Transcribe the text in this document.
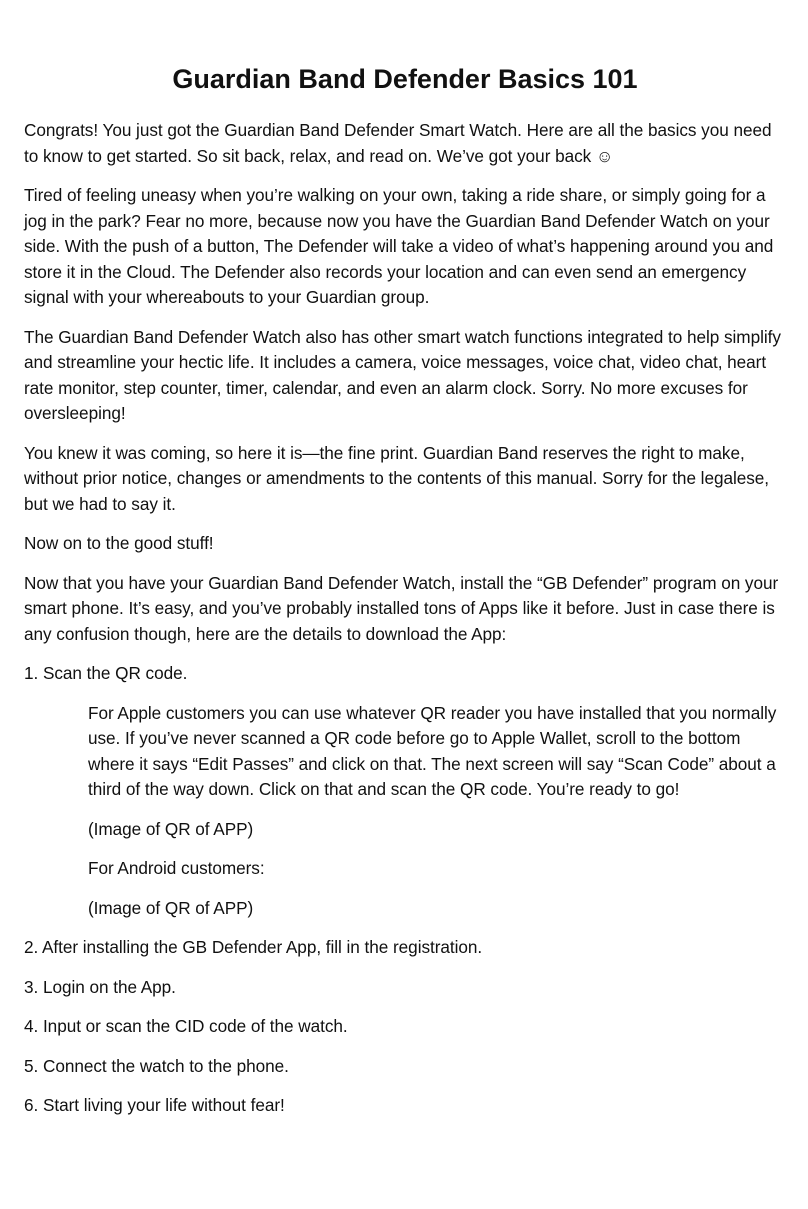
Guardian Band Defender Basics 101

Congrats! You just got the Guardian Band Defender Smart Watch. Here are all the basics you need to know to get started. So sit back, relax, and read on. We’ve got your back ☺

Tired of feeling uneasy when you’re walking on your own, taking a ride share, or simply going for a jog in the park? Fear no more, because now you have the Guardian Band Defender Watch on your side. With the push of a button, The Defender will take a video of what’s happening around you and store it in the Cloud. The Defender also records your location and can even send an emergency signal with your whereabouts to your Guardian group.

The Guardian Band Defender Watch also has other smart watch functions integrated to help simplify and streamline your hectic life. It includes a camera, voice messages, voice chat, video chat, heart rate monitor, step counter, timer, calendar, and even an alarm clock. Sorry. No more excuses for oversleeping!

You knew it was coming, so here it is—the fine print. Guardian Band reserves the right to make, without prior notice, changes or amendments to the contents of this manual. Sorry for the legalese, but we had to say it.

Now on to the good stuff!

Now that you have your Guardian Band Defender Watch, install the “GB Defender” program on your smart phone. It’s easy, and you’ve probably installed tons of Apps like it before. Just in case there is any confusion though, here are the details to download the App:

1. Scan the QR code.

For Apple customers you can use whatever QR reader you have installed that you normally use. If you’ve never scanned a QR code before go to Apple Wallet, scroll to the bottom where it says “Edit Passes” and click on that. The next screen will say “Scan Code” about a third of the way down. Click on that and scan the QR code. You’re ready to go!

(Image of QR of APP)

For Android customers:

(Image of QR of APP)

2. After installing the GB Defender App, fill in the registration.

3. Login on the App.

4. Input or scan the CID code of the watch.

5. Connect the watch to the phone.

6. Start living your life without fear!
